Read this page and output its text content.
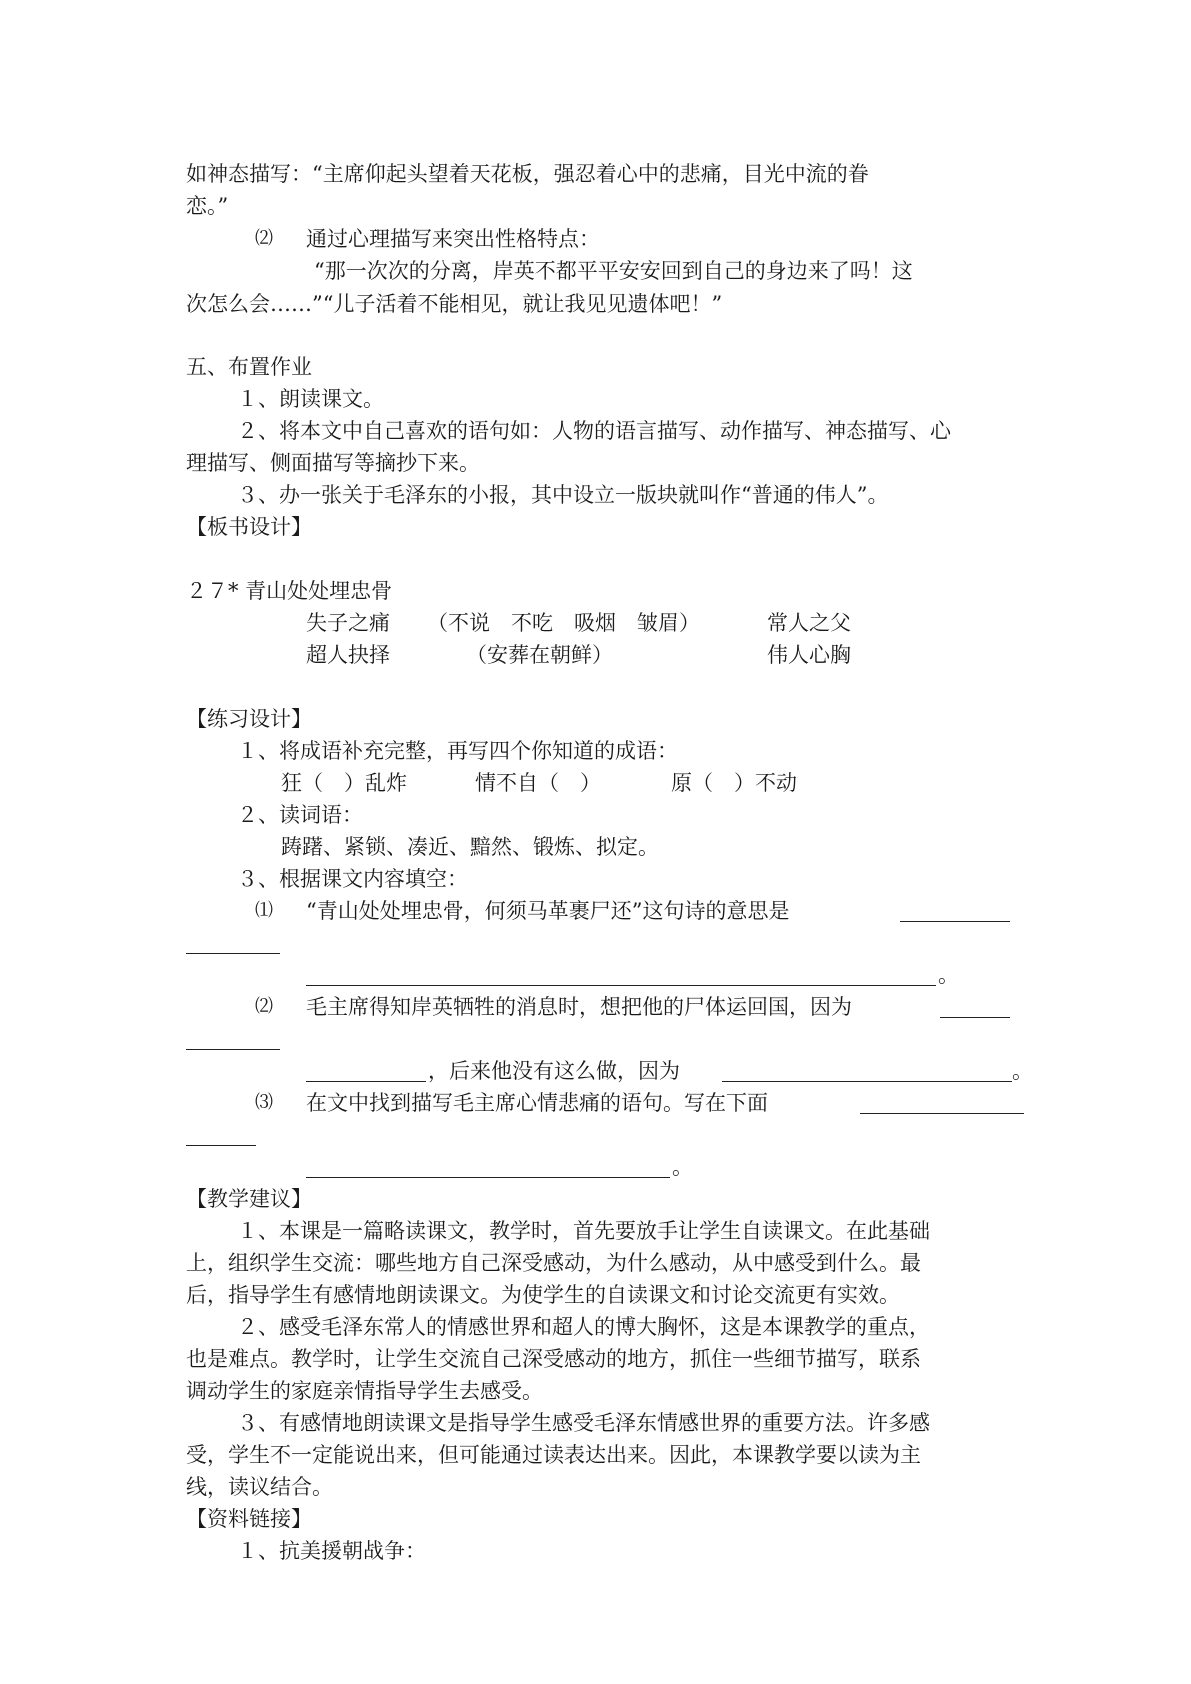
如神态描写：“主席仰起头望着天花板，强忍着心中的悲痛，目光中流的眷
恋。”
⑵ 通过心理描写来突出性格特点：
“那一次次的分离，岸英不都平平安安回到自己的身边来了吗！这
次怎么会……”“儿子活着不能相见，就让我见见遗体吧！”
五、布置作业
１、朗读课文。
２、将本文中自己喜欢的语句如：人物的语言描写、动作描写、神态描写、心
理描写、侧面描写等摘抄下来。
３、办一张关于毛泽东的小报，其中设立一版块就叫作“普通的伟人”。
【板书设计】
２７* 青山处处埋忠骨
失子之痛 （不说　不吃　吸烟　皱眉）	常人之父
超人抉择	（安葬在朝鲜）	伟人心胸
【练习设计】
１、将成语补充完整，再写四个你知道的成语：
狂（　）乱炸	情不自（　）	原（　）不动
２、读词语：
踌躇、紧锁、凑近、黯然、锻炼、拟定。
３、根据课文内容填空：
⑴ “青山处处埋忠骨，何须马革裹尸还”这句诗的意思是
。
⑵ 毛主席得知岸英牺牲的消息时，想把他的尸体运回国，因为
，后来他没有这么做，因为	。
⑶ 在文中找到描写毛主席心情悲痛的语句。写在下面
。
【教学建议】
１、本课是一篇略读课文，教学时，首先要放手让学生自读课文。在此基础
上，组织学生交流：哪些地方自己深受感动，为什么感动，从中感受到什么。最
后，指导学生有感情地朗读课文。为使学生的自读课文和讨论交流更有实效。
２、感受毛泽东常人的情感世界和超人的博大胸怀，这是本课教学的重点，
也是难点。教学时，让学生交流自己深受感动的地方，抓住一些细节描写，联系
调动学生的家庭亲情指导学生去感受。
３、有感情地朗读课文是指导学生感受毛泽东情感世界的重要方法。许多感
受，学生不一定能说出来，但可能通过读表达出来。因此，本课教学要以读为主
线，读议结合。
【资料链接】
１、抗美援朝战争：
